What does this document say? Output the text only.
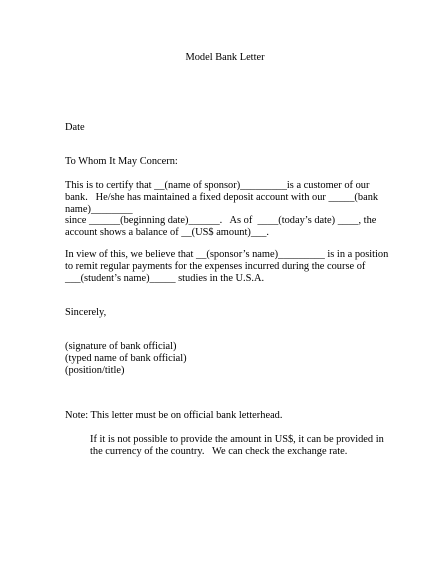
Model Bank Letter
Date
To Whom It May Concern:
This is to certify that __(name of sponsor)_________is a customer of our
bank.   He/she has maintained a fixed deposit account with our _____(bank
name)________
since ______(beginning date)______.   As of  ____(today’s date) ____, the
account shows a balance of __(US$ amount)___.
In view of this, we believe that __(sponsor’s name)_________ is in a position
to remit regular payments for the expenses incurred during the course of
___(student’s name)_____ studies in the U.S.A.
Sincerely,
(signature of bank official)
(typed name of bank official)
(position/title)
Note: This letter must be on official bank letterhead.
If it is not possible to provide the amount in US$, it can be provided in
the currency of the country.   We can check the exchange rate.
